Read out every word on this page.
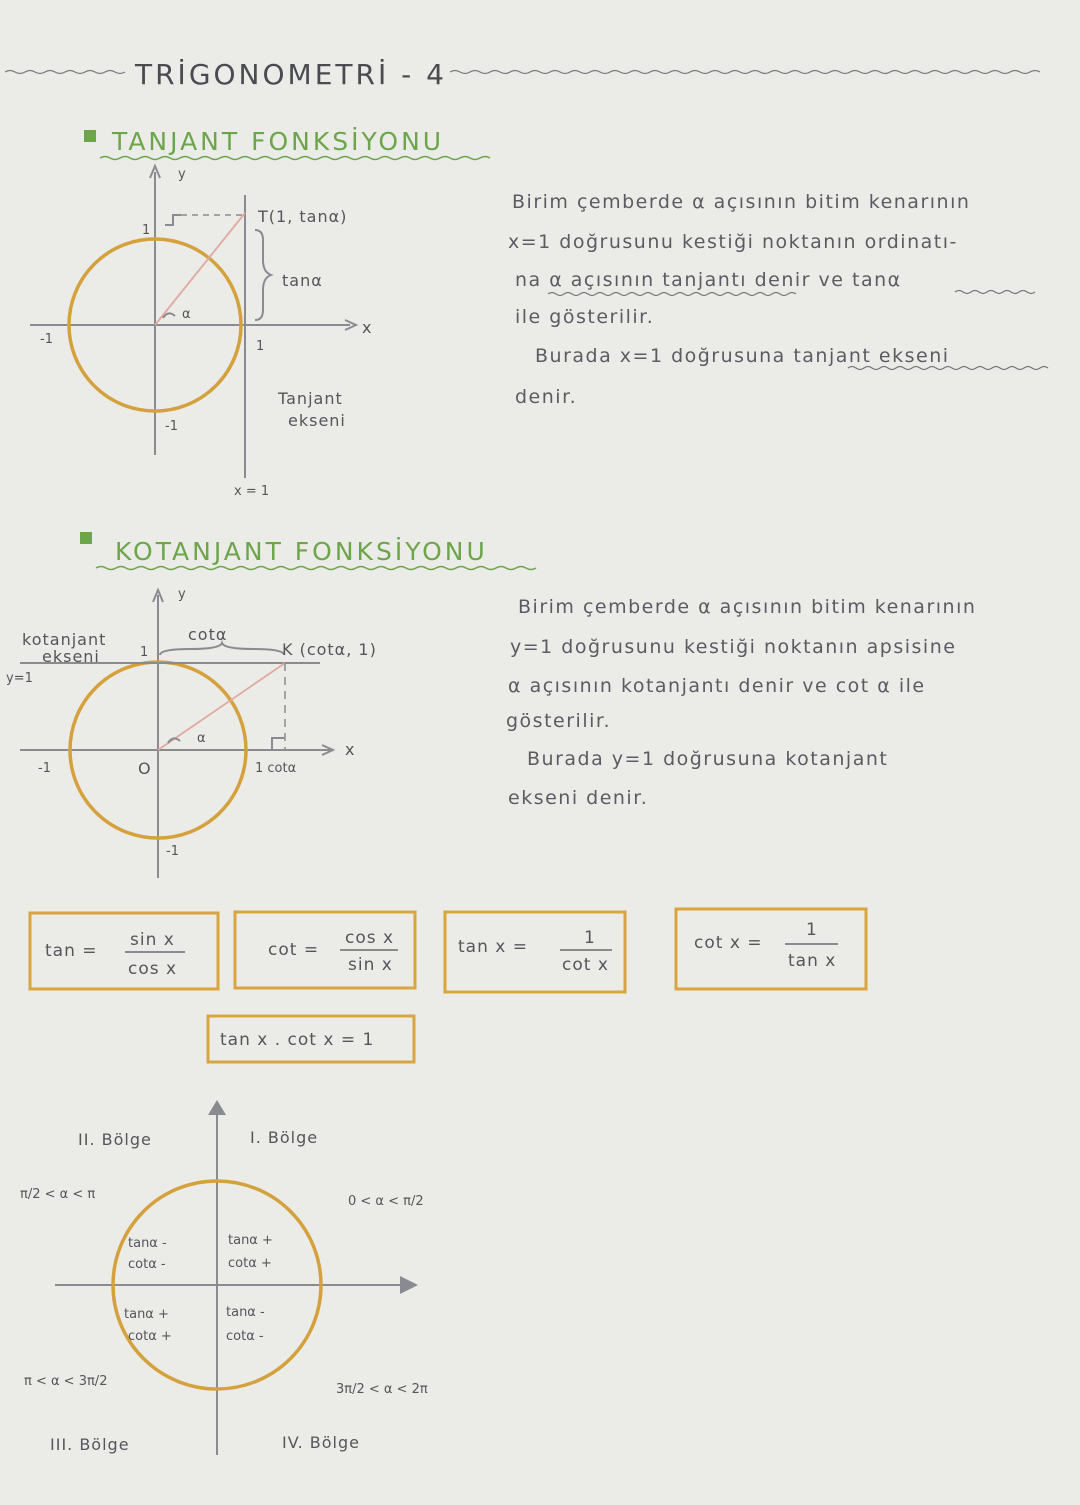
TRİGONOMETRİ - 4
TANJANT FONKSİYONU
y
1
-1	1
-1
α
T(1, tanα)
tanα
x
Tanjant
ekseni
x = 1
Birim çemberde α açısının bitim kenarının
x=1 doğrusunu kestiği noktanın ordinatı-
na α açısının tanjantı denir ve tanα
ile gösterilir.
Burada x=1 doğrusuna tanjant ekseni
denir.
KOTANJANT FONKSİYONU
y
kotanjant
ekseni
y=1
1
cotα
K (cotα, 1)
α
-1	O	1 cotα
x
-1
Birim çemberde α açısının bitim kenarının
y=1 doğrusunu kestiği noktanın apsisine
α açısının kotanjantı denir ve cot α ile
gösterilir.
Burada y=1 doğrusuna kotanjant
ekseni denir.
tan =
sin x
cos x
cot =
cos x
sin x
tan x =	1
cot x
cot x =
1
tan x
tan x . cot x = 1
II. Bölge	I. Bölge
π/2 < α < π	0 < α < π/2
tanα -
cotα -
tanα +
cotα +
tanα +
cotα +
tanα -
cotα -
π < α < 3π/2
3π/2 < α < 2π
III. Bölge	IV. Bölge
